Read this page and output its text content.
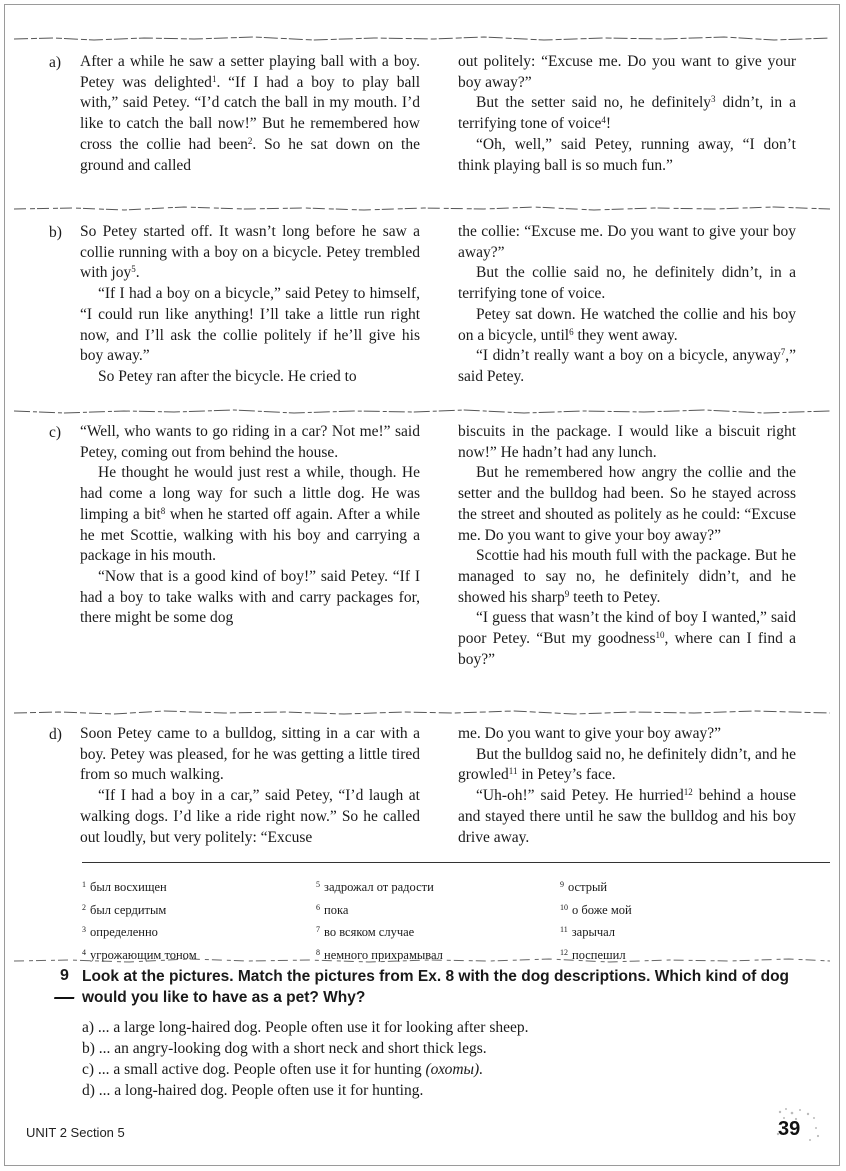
a) After a while he saw a setter playing ball with a boy. Petey was delighted$^1$. “If I had a boy to play ball with,” said Petey. “I’d catch the ball in my mouth. I’d like to catch the ball now!” But he remembered how cross the collie had been$^2$. So he sat down on the ground and called

out politely: “Excuse me. Do you want to give your boy away?”

But the setter said no, he definitely$^3$ didn’t, in a terrifying tone of voice$^4$!

“Oh, well,” said Petey, running away, “I don’t think playing ball is so much fun.”

b) So Petey started off. It wasn’t long before he saw a collie running with a boy on a bicycle. Petey trembled with joy$^5$.

“If I had a boy on a bicycle,” said Petey to himself, “I could run like anything! I’ll take a little run right now, and I’ll ask the collie politely if he’ll give his boy away.”

So Petey ran after the bicycle. He cried to

the collie: “Excuse me. Do you want to give your boy away?”

But the collie said no, he definitely didn’t, in a terrifying tone of voice.

Petey sat down. He watched the collie and his boy on a bicycle, until$^6$ they went away.

“I didn’t really want a boy on a bicycle, anyway$^7$,” said Petey.

c) “Well, who wants to go riding in a car? Not me!” said Petey, coming out from behind the house.

He thought he would just rest a while, though. He had come a long way for such a little dog. He was limping a bit$^8$ when he started off again. After a while he met Scottie, walking with his boy and carrying a package in his mouth.

“Now that is a good kind of boy!” said Petey. “If I had a boy to take walks with and carry packages for, there might be some dog

biscuits in the package. I would like a biscuit right now!” He hadn’t had any lunch.

But he remembered how angry the collie and the setter and the bulldog had been. So he stayed across the street and shouted as politely as he could: “Excuse me. Do you want to give your boy away?”

Scottie had his mouth full with the package. But he managed to say no, he definitely didn’t, and he showed his sharp$^9$ teeth to Petey.

“I guess that wasn’t the kind of boy I wanted,” said poor Petey. “But my goodness$^{10}$, where can I find a boy?”

d) Soon Petey came to a bulldog, sitting in a car with a boy. Petey was pleased, for he was getting a little tired from so much walking.

“If I had a boy in a car,” said Petey, “I’d laugh at walking dogs. I’d like a ride right now.” So he called out loudly, but very politely: “Excuse

me. Do you want to give your boy away?”

But the bulldog said no, he definitely didn’t, and he growled$^{11}$ in Petey’s face.

“Uh-oh!” said Petey. He hurried$^{12}$ behind a house and stayed there until he saw the bulldog and his boy drive away.

$^1$ был восхищен
$^2$ был сердитым
$^3$ определенно
$^4$ угрожающим тоном
$^5$ задрожал от радости
$^6$ пока
$^7$ во всяком случае
$^8$ немного прихрамывал
$^9$ острый
$^{10}$ о боже мой
$^{11}$ зарычал
$^{12}$ поспешил
9 Look at the pictures. Match the pictures from Ex. 8 with the dog descriptions. Which kind of dog would you like to have as a pet? Why?
a) ... a large long-haired dog. People often use it for looking after sheep.
b) ... an angry-looking dog with a short neck and short thick legs.
c) ... a small active dog. People often use it for hunting (охоты).
d) ... a long-haired dog. People often use it for hunting.
UNIT 2 Section 5	39
